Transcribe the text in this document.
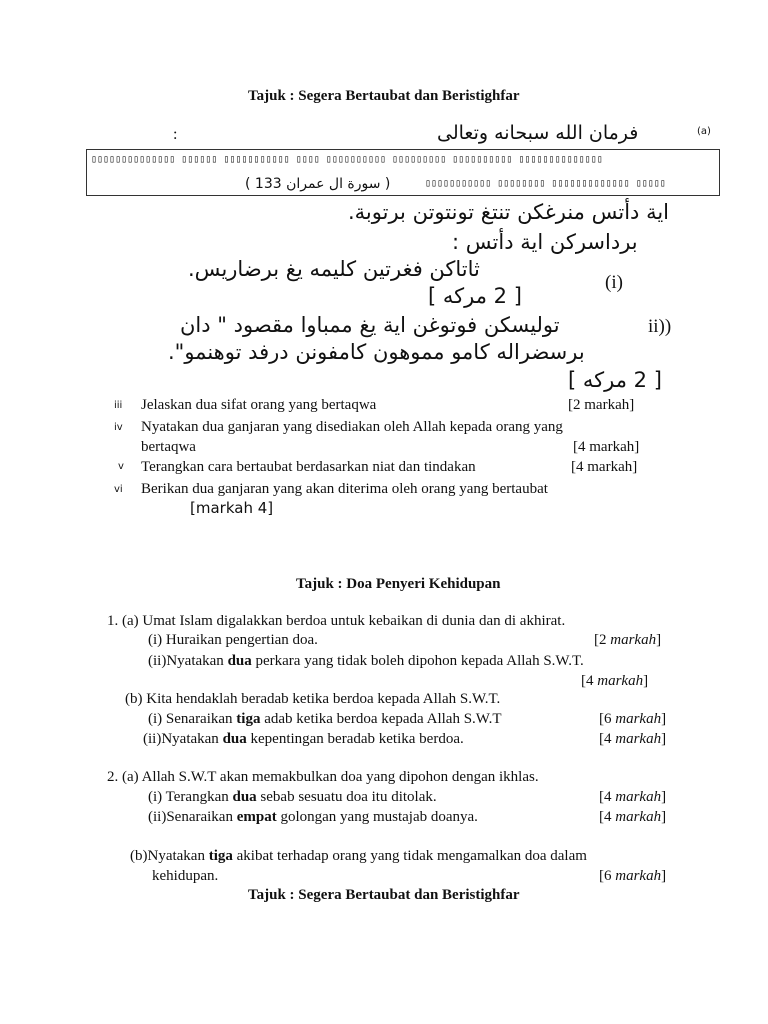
Tajuk : Segera Bertaubat dan Beristighfar
:	فرمان الله سبحانه وتعالى	(a)
▯▯▯▯▯▯▯▯▯▯▯▯▯▯ ▯▯▯▯▯▯ ▯▯▯▯▯▯▯▯▯▯▯ ▯▯▯▯ ▯▯▯▯▯▯▯▯▯▯ ▯▯▯▯▯▯▯▯▯ ▯▯▯▯▯▯▯▯▯▯ ▯▯▯▯▯▯▯▯▯▯▯▯▯▯
( سورة ال عمران 133 )	▯▯▯▯▯▯▯▯▯▯▯ ▯▯▯▯▯▯▯▯ ▯▯▯▯▯▯▯▯▯▯▯▯▯ ▯▯▯▯▯
اية دأتس منرغكن تنتغ تونتوتن برتوبة.
برداسركن اية دأتس :
ثاتاكن فغرتين كليمه يغ برضاريس.
(i)
[ 2 مركه ]
توليسكن فوتوغن اية يغ ممباوا مقصود " دان	ii))
برسضراله كامو مموهون كامفونن درفد توهنمو".
[ 2 مركه ]
iii Jelaskan dua sifat orang yang bertaqwa	[2 markah]
iv Nyatakan dua ganjaran yang disediakan oleh Allah kepada orang yang
bertaqwa	[4 markah]
v Terangkan cara bertaubat berdasarkan niat dan tindakan	[4 markah]
vi Berikan dua ganjaran yang akan diterima oleh orang yang bertaubat
[markah 4]
Tajuk : Doa Penyeri Kehidupan
1. (a) Umat Islam digalakkan berdoa untuk kebaikan di dunia dan di akhirat.
(i) Huraikan pengertian doa.	[2 markah]
(ii)Nyatakan dua perkara yang tidak boleh dipohon kepada Allah S.W.T.
[4 markah]
(b) Kita hendaklah beradab ketika berdoa kepada Allah S.W.T.
(i) Senaraikan tiga adab ketika berdoa kepada Allah S.W.T	[6 markah]
(ii)Nyatakan dua kepentingan beradab ketika berdoa.	[4 markah]
2. (a) Allah S.W.T akan memakbulkan doa yang dipohon dengan ikhlas.
(i) Terangkan dua sebab sesuatu doa itu ditolak.	[4 markah]
(ii)Senaraikan empat golongan yang mustajab doanya.	[4 markah]
(b)Nyatakan tiga akibat terhadap orang yang tidak mengamalkan doa dalam
kehidupan.	[6 markah]
Tajuk : Segera Bertaubat dan Beristighfar
